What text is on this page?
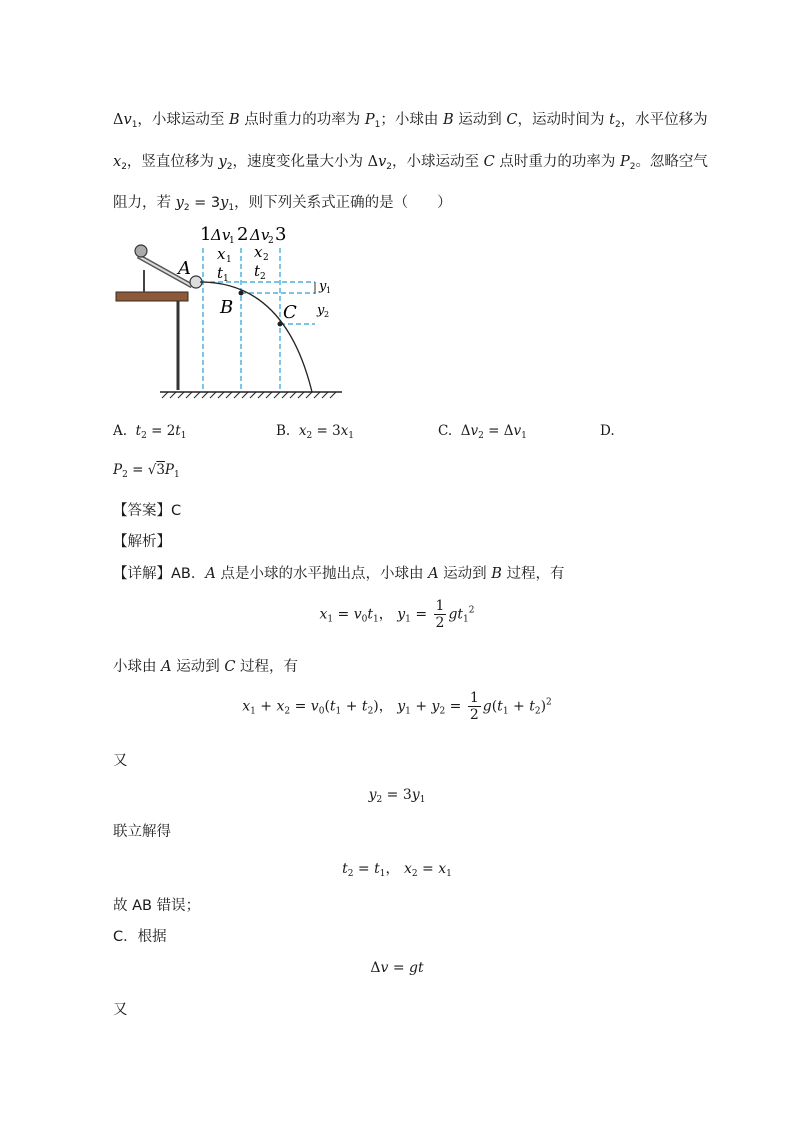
$\Delta v_1$，小球运动至 B 点时重力的功率为 $P_1$；小球由 B 运动到 C，运动时间为 $t_2$，水平位移为
$x_2$，竖直位移为 $y_2$，速度变化量大小为 $\Delta v_2$，小球运动至 C 点时重力的功率为 $P_2$。忽略空气
阻力，若 $y_2 = 3y_1$，则下列关系式正确的是（　　）
1 Δv
1 2 Δv
2 3
x 1
t 1
x 2
t 2
A
B	C
y 1
y 2
A. $t_2 = 2t_1$	B. $x_2 = 3x_1$	C.  $\Delta v_2 = \Delta v_1$	D.
$P_2 = √3P_1$
【答案】C
【解析】
【详解】AB．A 点是小球的水平抛出点，小球由 A 运动到 B 过程，有
$x_1 = v_0t_1$， $y_1 = \frac{1}{2} gt_1^2$
小球由 A 运动到 C 过程，有
$x_1 + x_2 = v_0(t_1 + t_2)$， $y_1 + y_2 = \frac{1}{2} g(t_1 + t_2)^2$
又
$y_2 = 3y_1$
联立解得
$t_2 = t_1$， $x_2 = x_1$
故 AB 错误；
C．根据
Δv = gt
又
